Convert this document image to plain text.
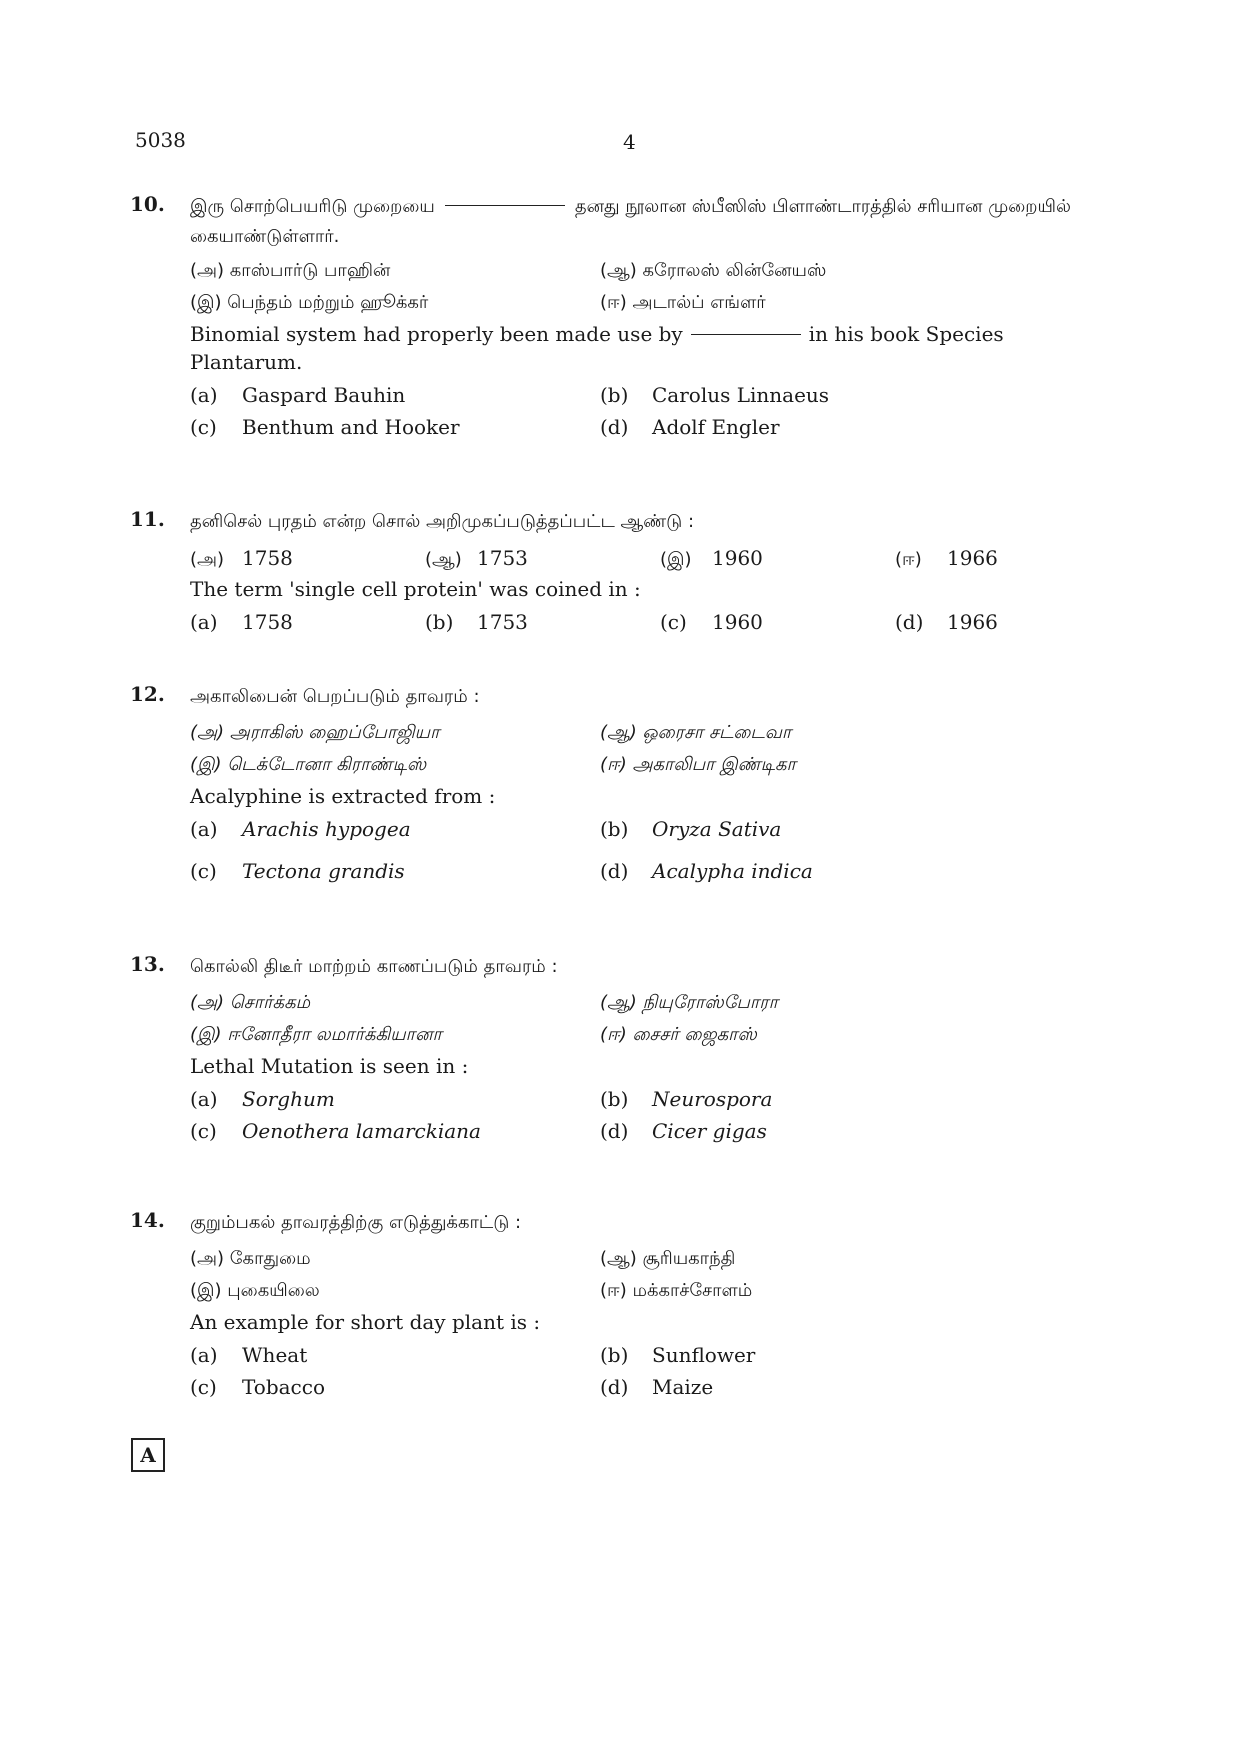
5038	4
10. இரு சொற்பெயரிடு முறையை	தனது நூலான ஸ்பீஸிஸ் பிளாண்டாரத்தில் சரியான முறையில் கையாண்டுள்ளார்.
(அ) காஸ்பார்டு பாஹின்	(ஆ) கரோலஸ் லின்னேயஸ்
(இ) பெந்தம் மற்றும் ஹூக்கர்	(ஈ) அடால்ப் எங்ளர்
Binomial system had properly been made use by	in his book Species Plantarum.
(a)	Gaspard Bauhin	(b)	Carolus Linnaeus
(c)	Benthum and Hooker	(d)	Adolf Engler
11. தனிசெல் புரதம் என்ற சொல் அறிமுகப்படுத்தப்பட்ட ஆண்டு :
(அ) 1758	(ஆ) 1753	(இ)	1960	(ஈ)	1966
The term 'single cell protein' was coined in :
(a)	1758	(b)	1753	(c)	1960	(d)	1966
12. அகாலிபைன் பெறப்படும் தாவரம் :
(அ) அராகிஸ் ஹைப்போஜியா	(ஆ) ஒரைசா சட்டைவா
(இ) டெக்டோனா கிராண்டிஸ்	(ஈ) அகாலிபா இண்டிகா
Acalyphine is extracted from :
(a)	Arachis hypogea	(b)	Oryza Sativa
(c)	Tectona grandis	(d)	Acalypha indica
13. கொல்லி திடீர் மாற்றம் காணப்படும் தாவரம் :
(அ) சொர்க்கம்	(ஆ) நியுரோஸ்போரா
(இ) ஈனோதீரா லமார்க்கியானா	(ஈ) சைசர் ஜைகாஸ்
Lethal Mutation is seen in :
(a)	Sorghum	(b)	Neurospora
(c)	Oenothera lamarckiana	(d)	Cicer gigas
14. குறும்பகல் தாவரத்திற்கு எடுத்துக்காட்டு :
(அ) கோதுமை	(ஆ) சூரியகாந்தி
(இ) புகையிலை	(ஈ) மக்காச்சோளம்
An example for short day plant is :
(a)	Wheat	(b)	Sunflower
(c)	Tobacco	(d)	Maize
A
